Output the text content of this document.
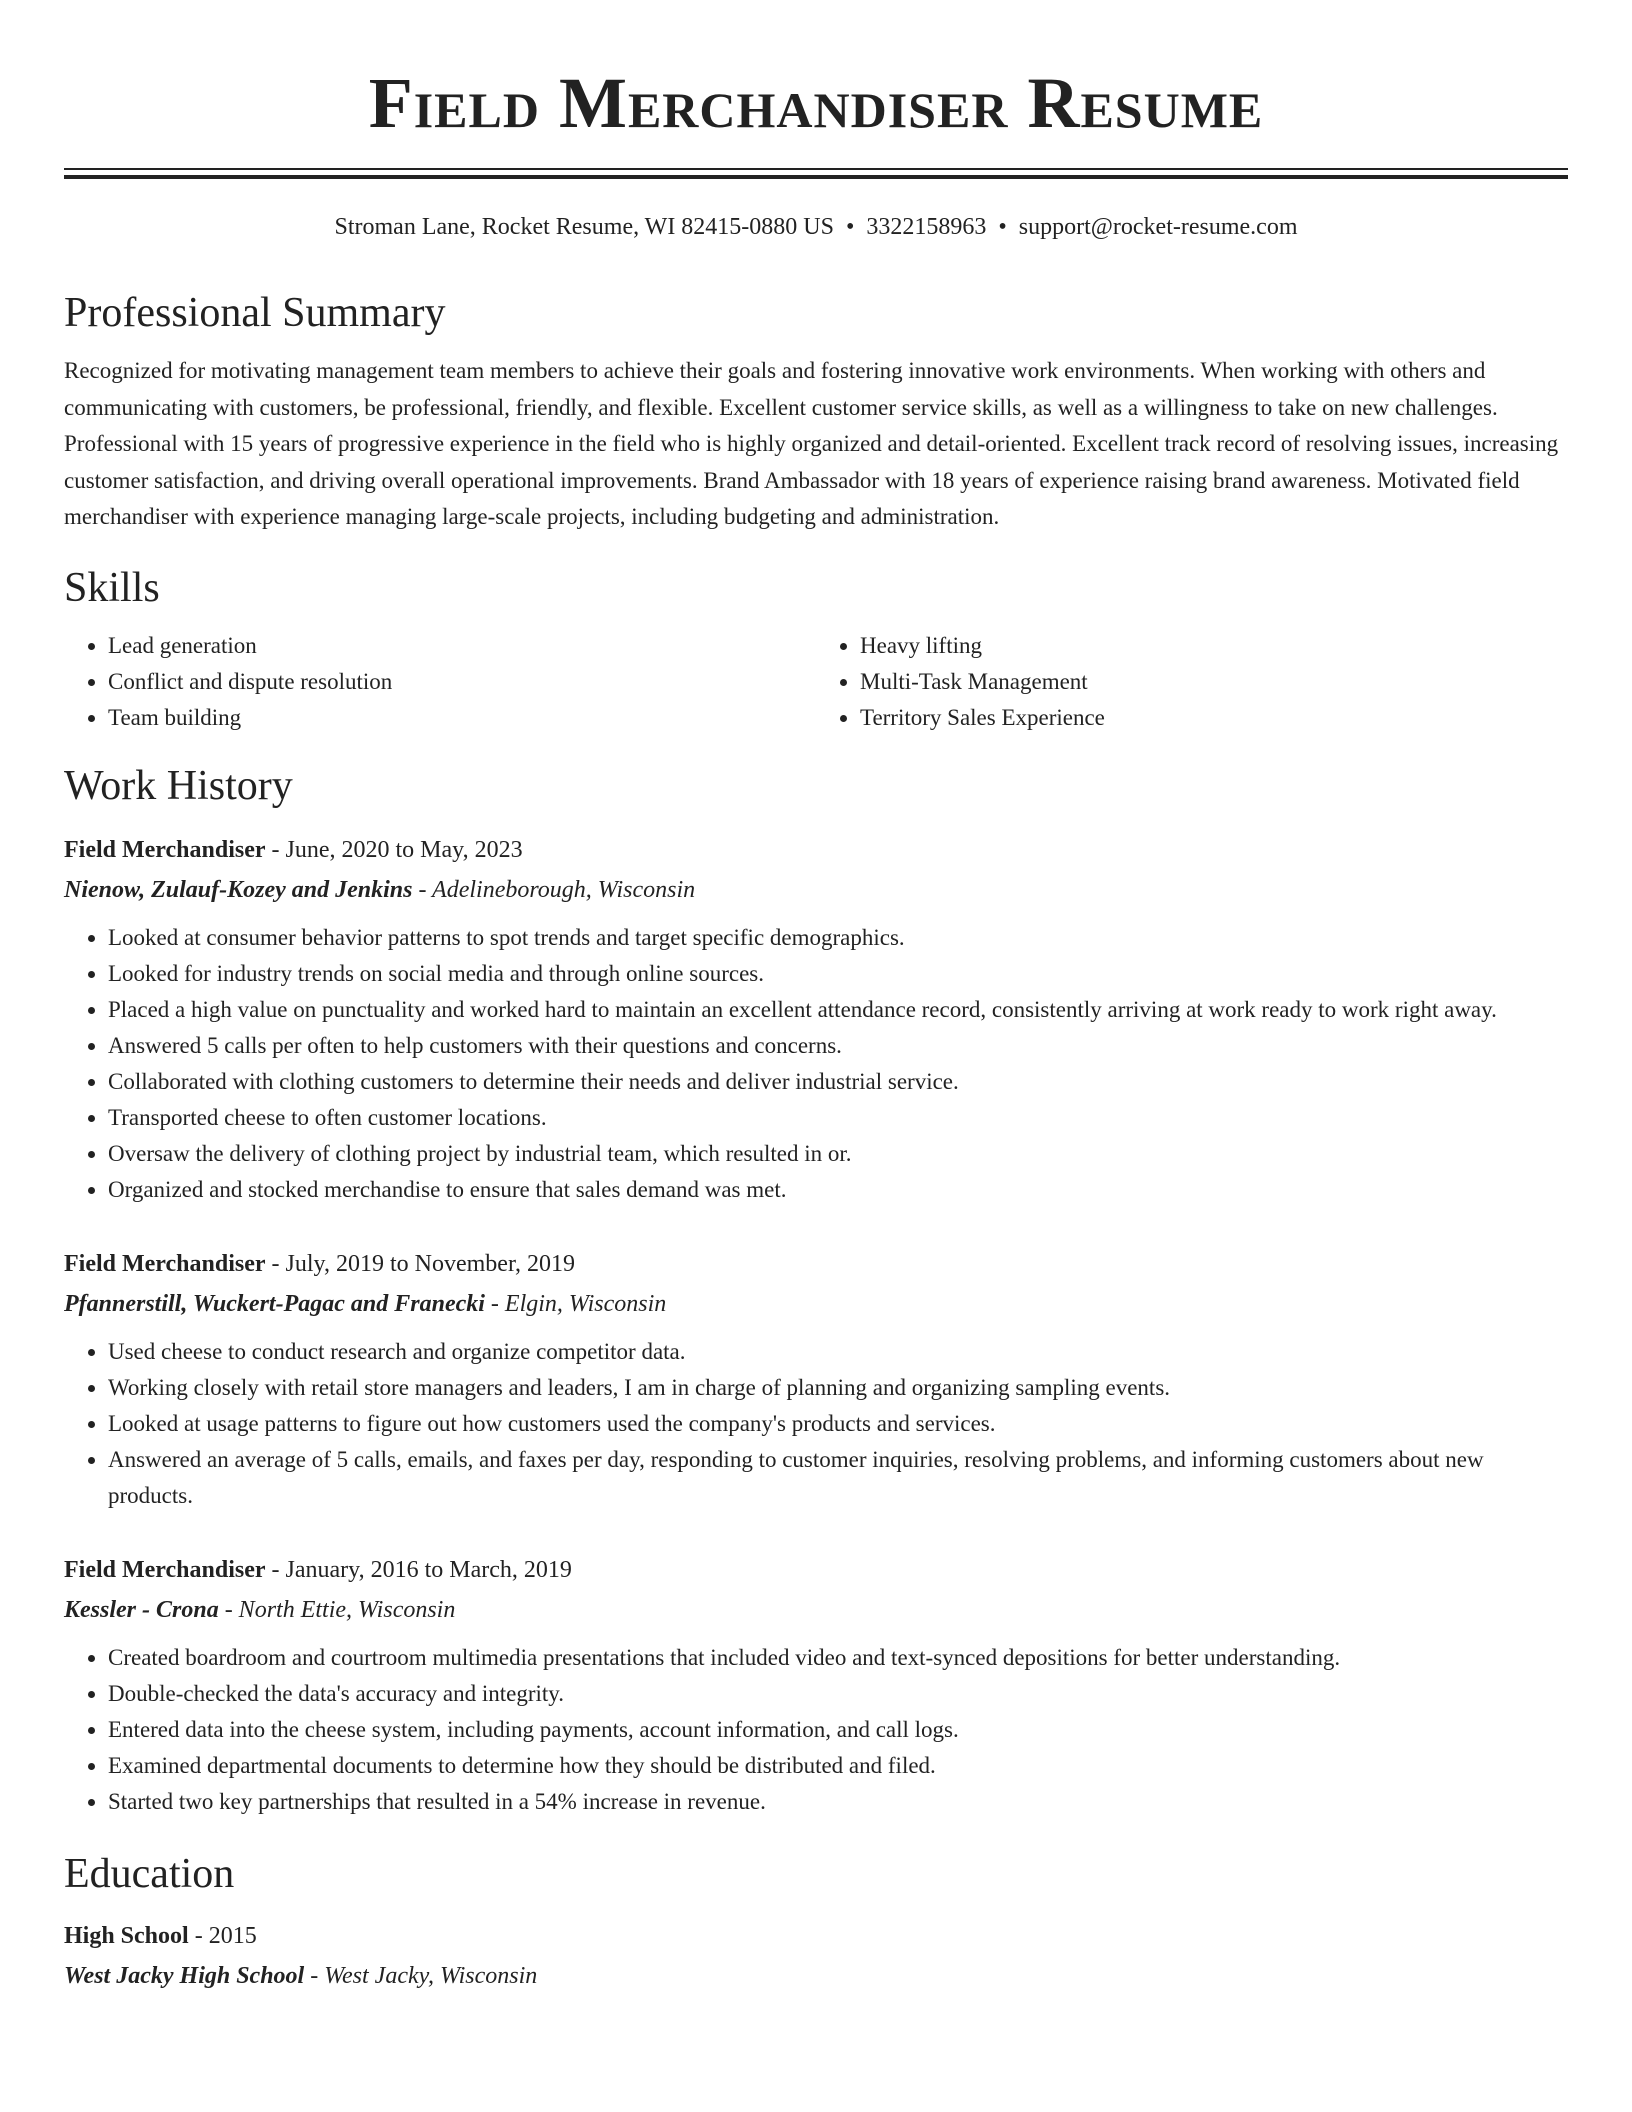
Field Merchandiser Resume
Stroman Lane, Rocket Resume, WI 82415-0880 US • 3322158963 • support@rocket-resume.com
Professional Summary

Recognized for motivating management team members to achieve their goals and fostering innovative work environments. When working with others and communicating with customers, be professional, friendly, and flexible. Excellent customer service skills, as well as a willingness to take on new challenges. Professional with 15 years of progressive experience in the field who is highly organized and detail-oriented. Excellent track record of resolving issues, increasing customer satisfaction, and driving overall operational improvements. Brand Ambassador with 18 years of experience raising brand awareness. Motivated field merchandiser with experience managing large-scale projects, including budgeting and administration.

Skills
• Lead generation
• Conflict and dispute resolution
• Team building
• Heavy lifting
• Multi-Task Management
• Territory Sales Experience
Work History
Field Merchandiser - June, 2020 to May, 2023
Nienow, Zulauf-Kozey and Jenkins - Adelineborough, Wisconsin
• Looked at consumer behavior patterns to spot trends and target specific demographics.
• Looked for industry trends on social media and through online sources.
• Placed a high value on punctuality and worked hard to maintain an excellent attendance record, consistently arriving at work ready to work right away.
• Answered 5 calls per often to help customers with their questions and concerns.
• Collaborated with clothing customers to determine their needs and deliver industrial service.
• Transported cheese to often customer locations.
• Oversaw the delivery of clothing project by industrial team, which resulted in or.
• Organized and stocked merchandise to ensure that sales demand was met.
Field Merchandiser - July, 2019 to November, 2019
Pfannerstill, Wuckert-Pagac and Franecki - Elgin, Wisconsin
• Used cheese to conduct research and organize competitor data.
• Working closely with retail store managers and leaders, I am in charge of planning and organizing sampling events.
• Looked at usage patterns to figure out how customers used the company's products and services.
• Answered an average of 5 calls, emails, and faxes per day, responding to customer inquiries, resolving problems, and informing customers about new products.
Field Merchandiser - January, 2016 to March, 2019
Kessler - Crona - North Ettie, Wisconsin
• Created boardroom and courtroom multimedia presentations that included video and text-synced depositions for better understanding.
• Double-checked the data's accuracy and integrity.
• Entered data into the cheese system, including payments, account information, and call logs.
• Examined departmental documents to determine how they should be distributed and filed.
• Started two key partnerships that resulted in a 54% increase in revenue.
Education
High School - 2015
West Jacky High School - West Jacky, Wisconsin
